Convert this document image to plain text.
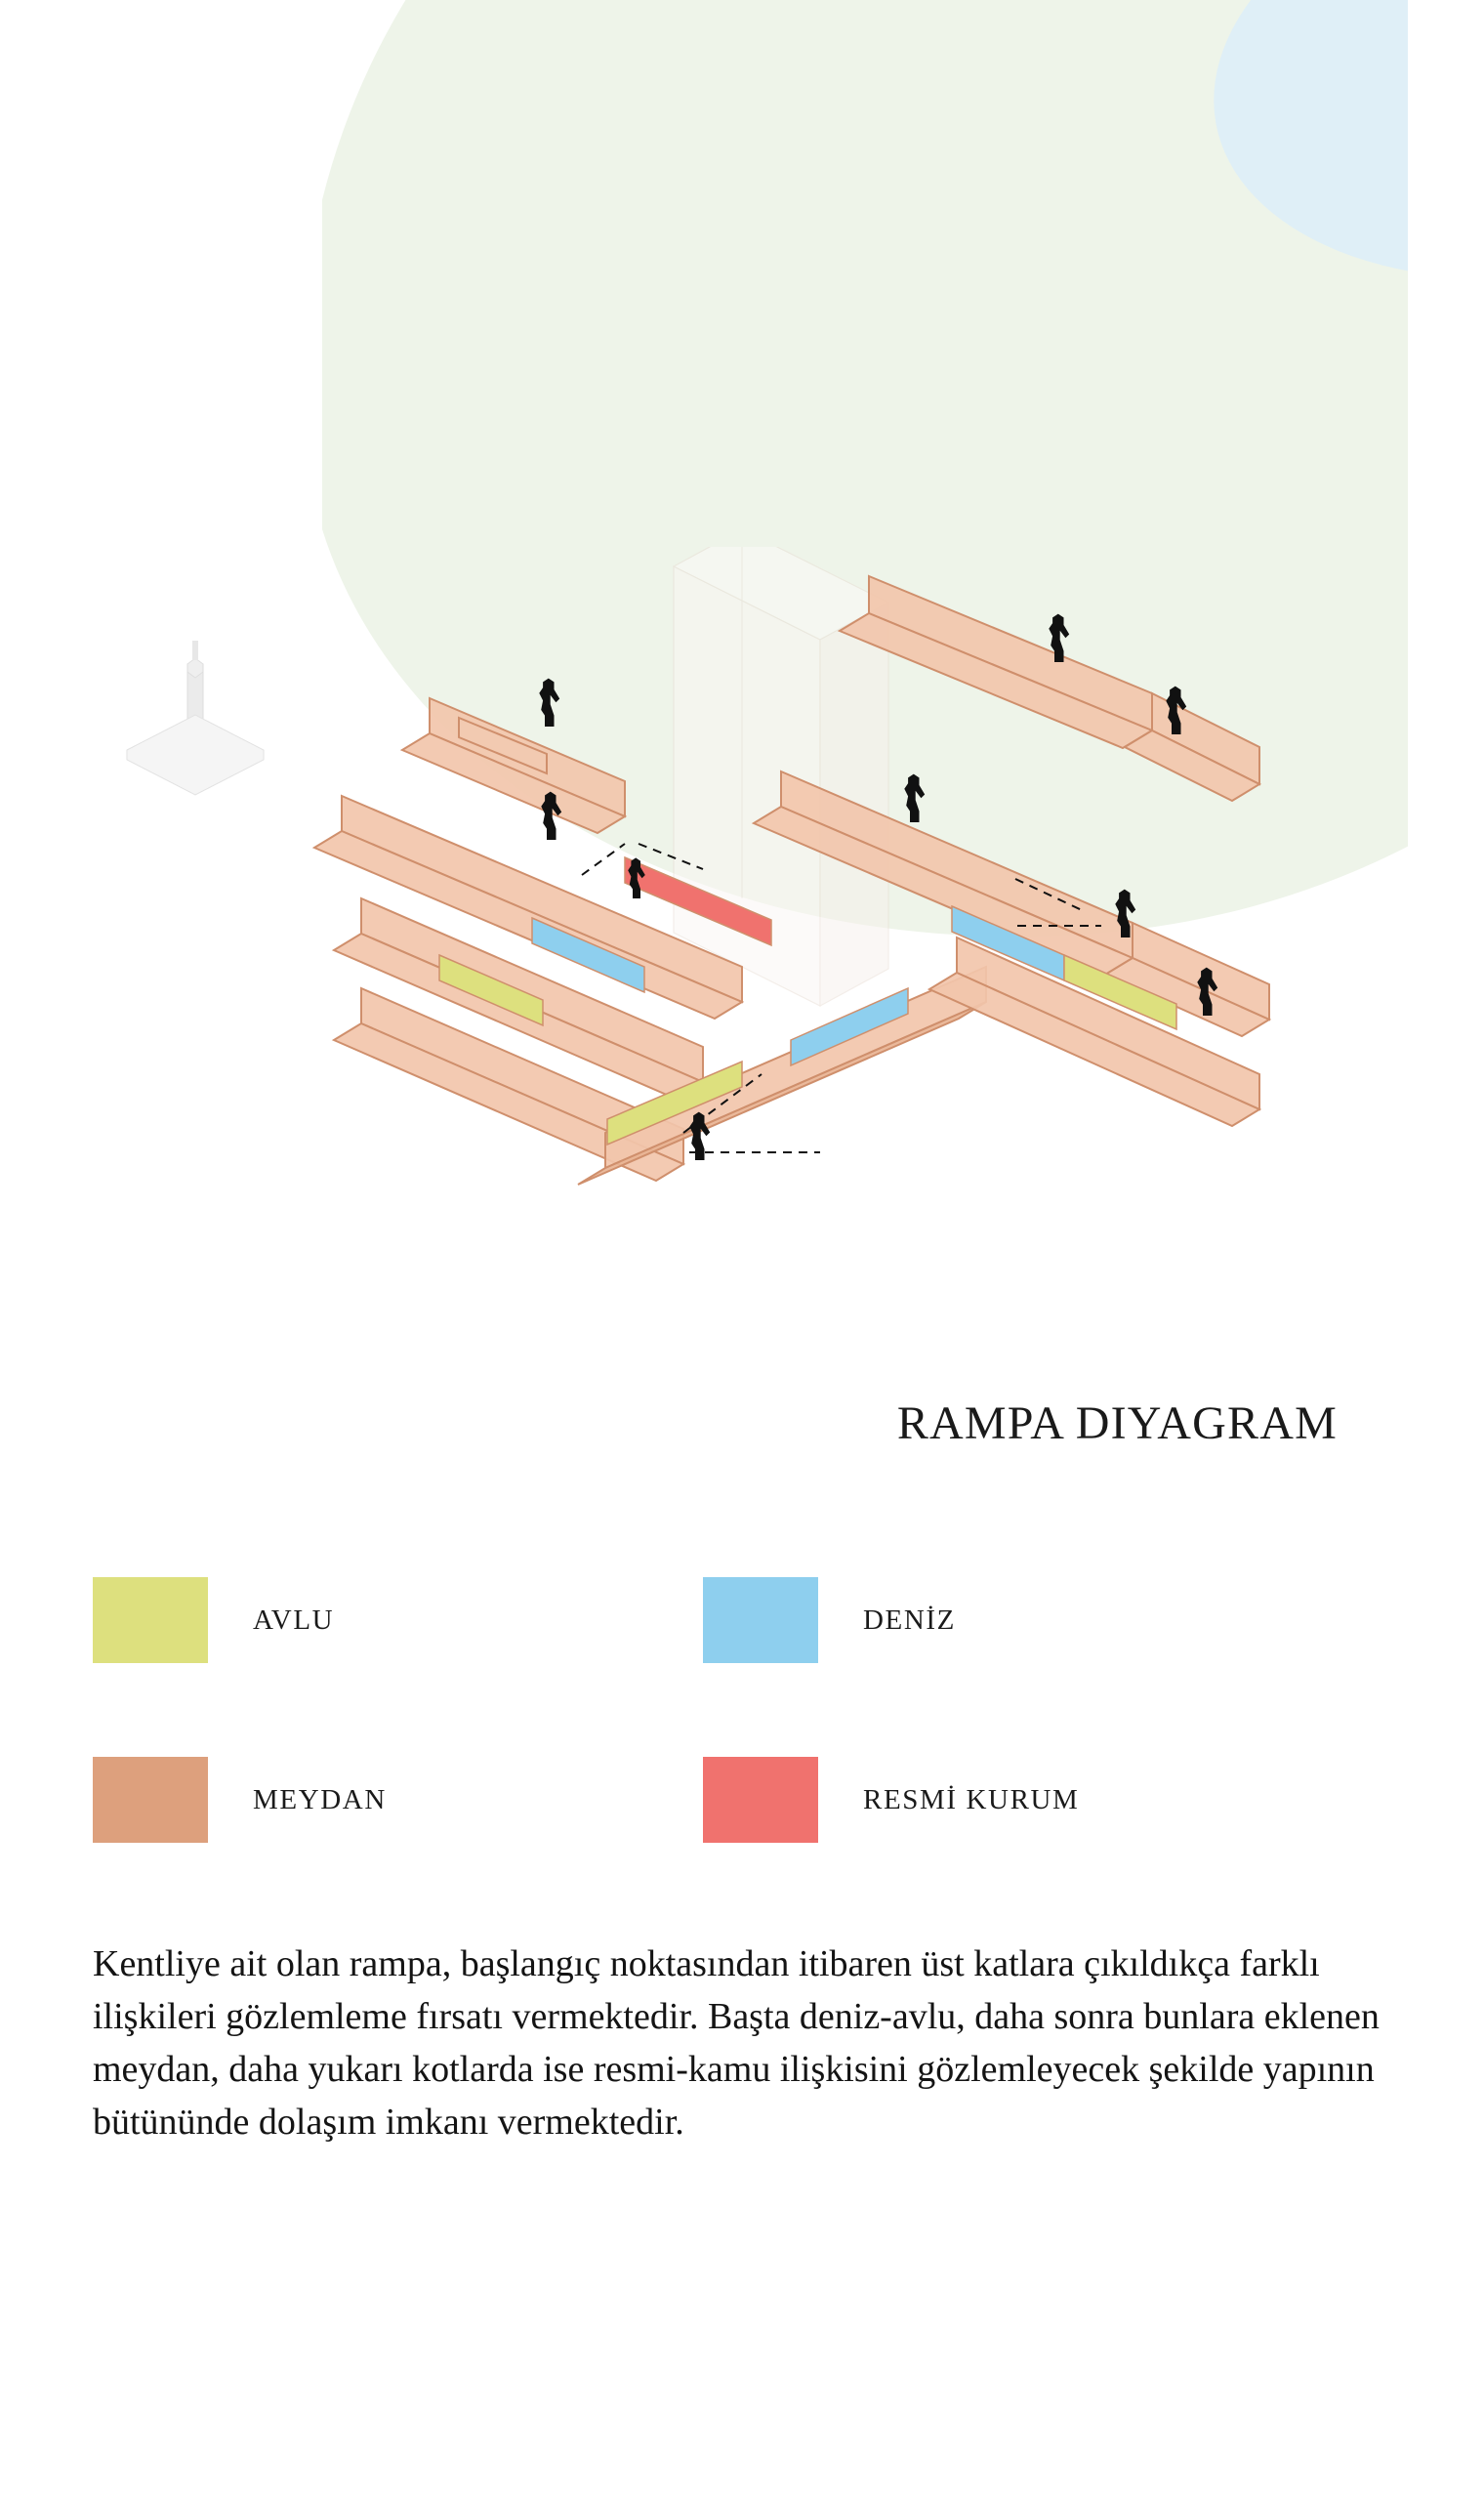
RAMPA DIYAGRAM
AVLU	DENİZ
MEYDAN	RESMİ KURUM
Kentliye ait olan rampa, başlangıç noktasından itibaren üst katlara çıkıldıkça farklı ilişkileri gözlemleme fırsatı vermektedir. Başta deniz-avlu, daha sonra bunlara eklenen meydan, daha yukarı kotlarda ise resmi-kamu ilişkisini gözlemleyecek şekilde yapının bütününde dolaşım imkanı vermektedir.
